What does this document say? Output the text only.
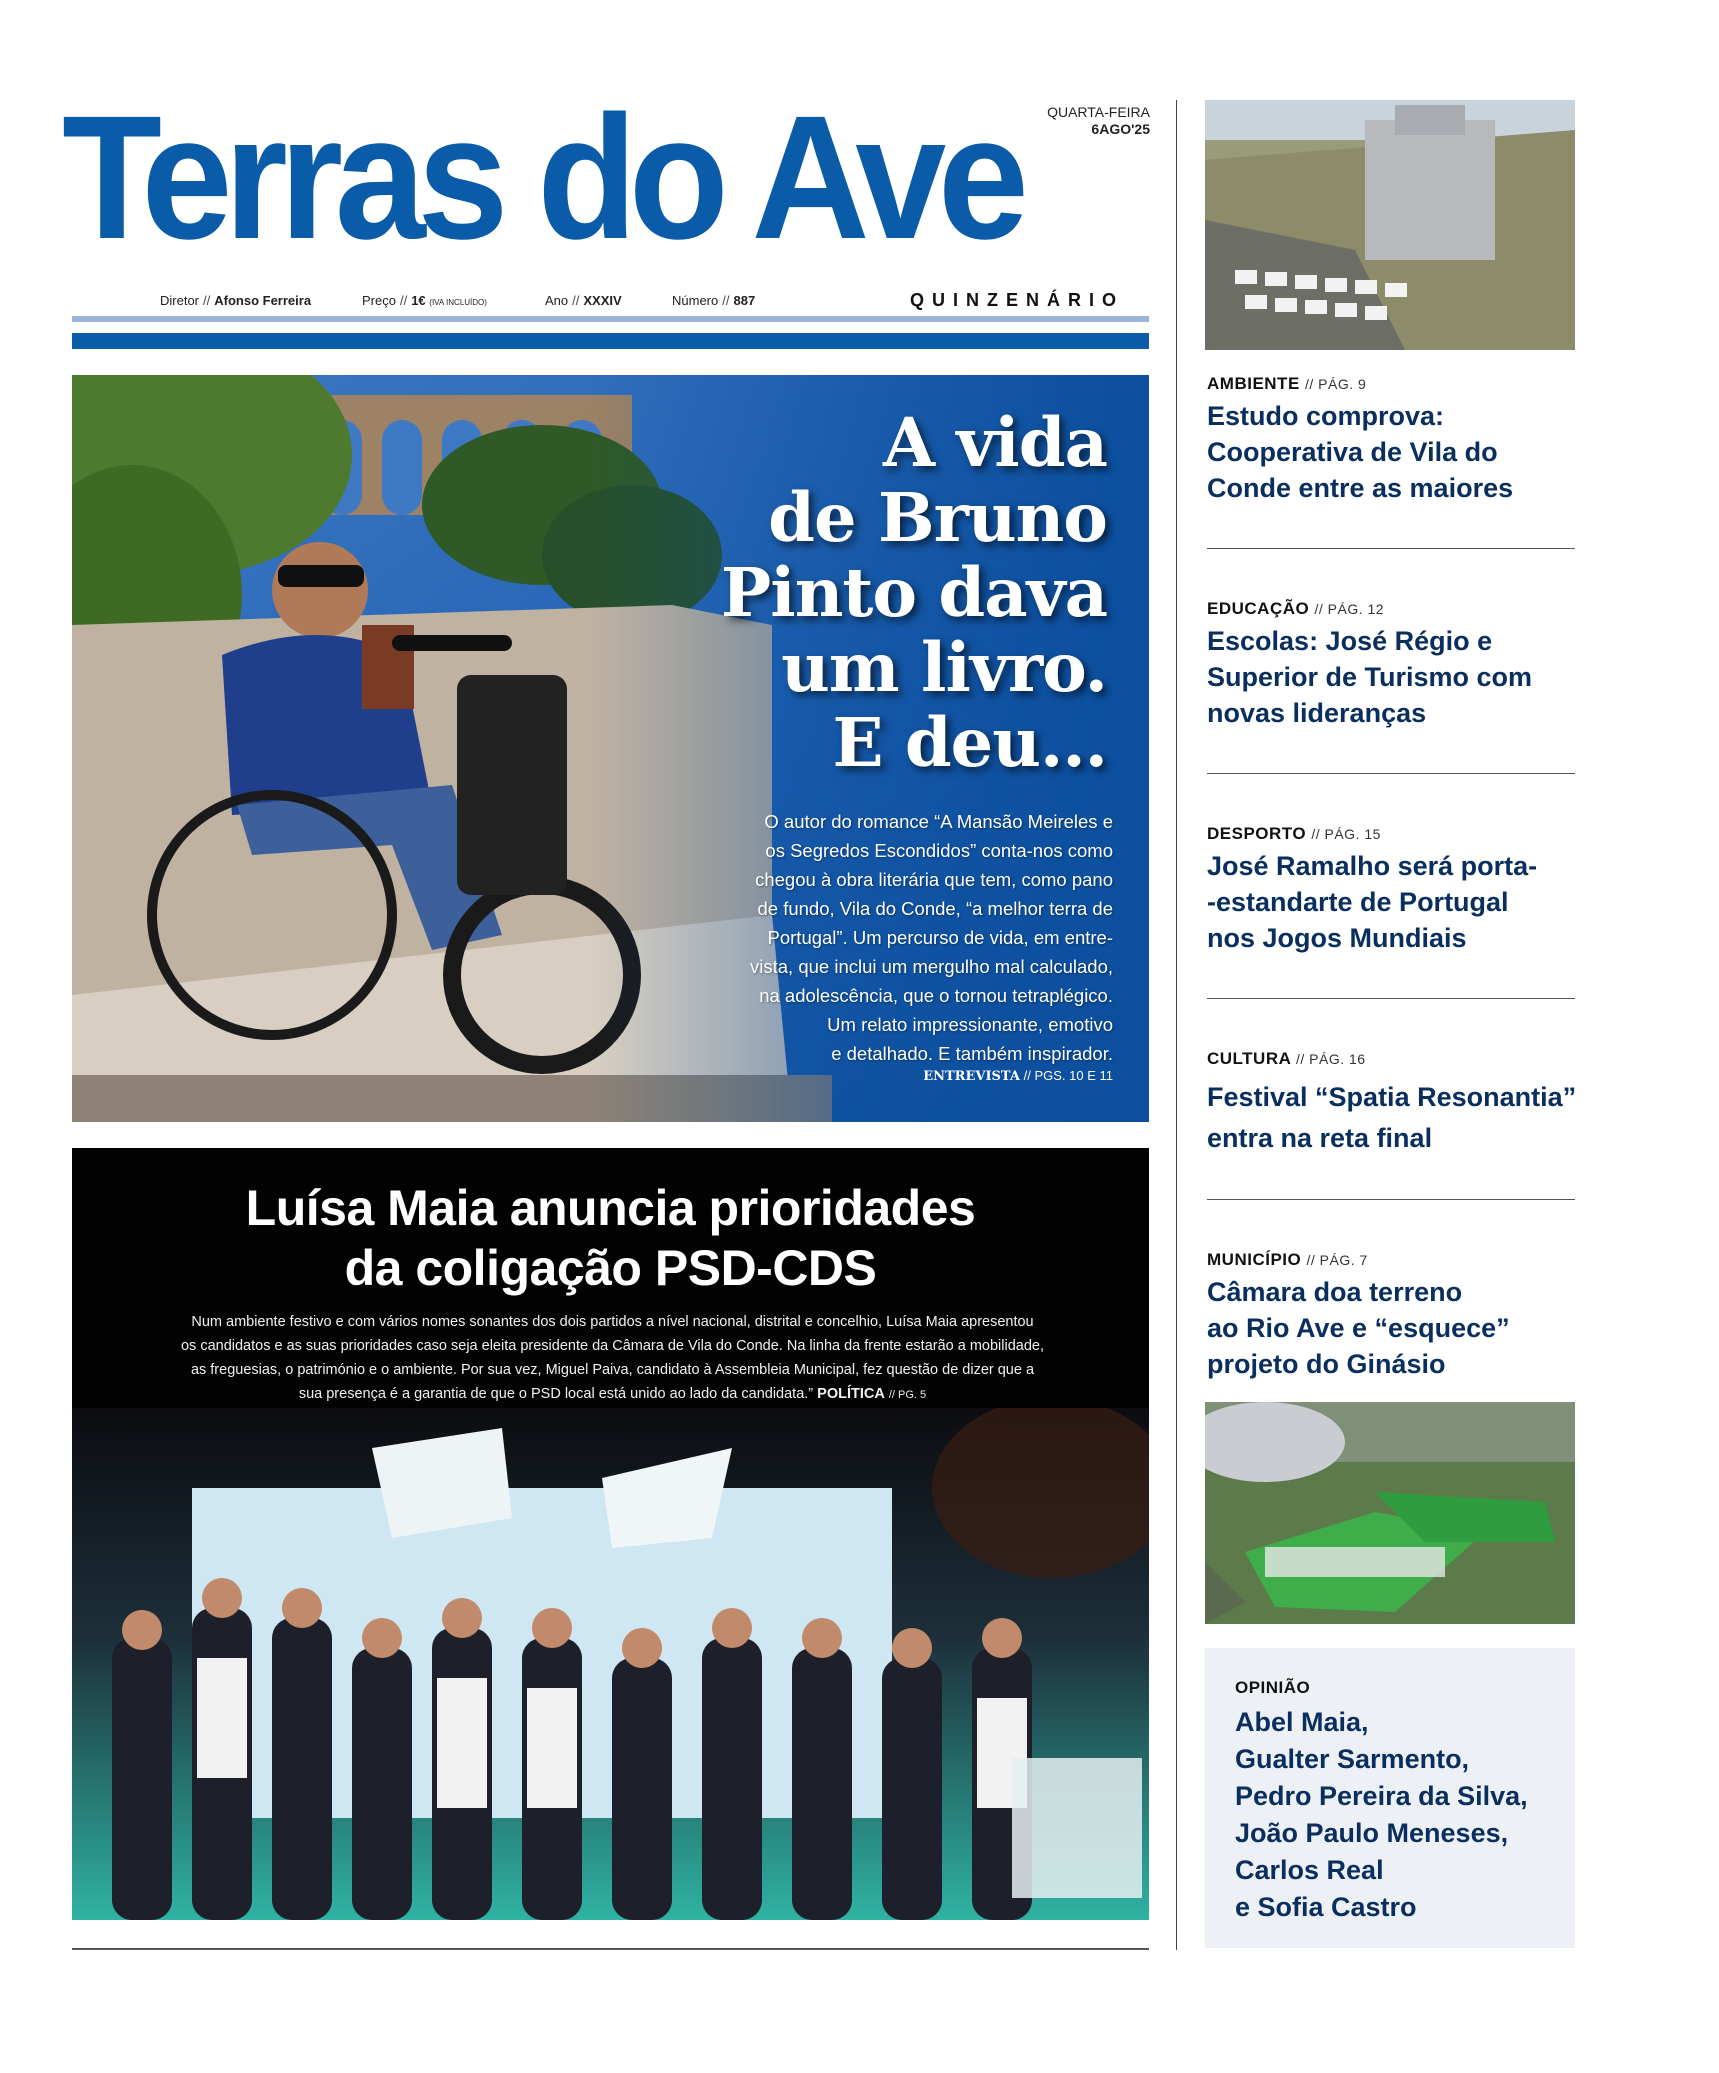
QUARTA-FEIRA
6AGO'25
Terras do Ave
Diretor // Afonso Ferreira	Preço // 1€ (IVA INCLUÍDO)	Ano // XXXIV	Número // 887	QUINZENÁRIO
A vida
de Bruno
Pinto dava
um livro.
E deu...
O autor do romance “A Mansão Meireles e
os Segredos Escondidos” conta-nos como
chegou à obra literária que tem, como pano
de fundo, Vila do Conde, “a melhor terra de
Portugal”. Um percurso de vida, em entre-
vista, que inclui um mergulho mal calculado,
na adolescência, que o tornou tetraplégico.
Um relato impressionante, emotivo
e detalhado. E também inspirador.
ENTREVISTA // PGS. 10 E 11
Luísa Maia anuncia prioridades
da coligação PSD-CDS
Num ambiente festivo e com vários nomes sonantes dos dois partidos a nível nacional, distrital e concelhio, Luísa Maia apresentou
os candidatos e as suas prioridades caso seja eleita presidente da Câmara de Vila do Conde. Na linha da frente estarão a mobilidade,
as freguesias, o património e o ambiente. Por sua vez, Miguel Paiva, candidato à Assembleia Municipal, fez questão de dizer que a
sua presença é a garantia de que o PSD local está unido ao lado da candidata.” POLÍTICA // PG. 5
AMBIENTE // PÁG. 9
Estudo comprova:
Cooperativa de Vila do
Conde entre as maiores
EDUCAÇÃO // PÁG. 12
Escolas: José Régio e
Superior de Turismo com
novas lideranças
DESPORTO // PÁG. 15
José Ramalho será porta-
-estandarte de Portugal
nos Jogos Mundiais
CULTURA // PÁG. 16
Festival “Spatia Resonantia”
entra na reta final
MUNICÍPIO // PÁG. 7
Câmara doa terreno
ao Rio Ave e “esquece”
projeto do Ginásio
OPINIÃO
Abel Maia,
Gualter Sarmento,
Pedro Pereira da Silva,
João Paulo Meneses,
Carlos Real
e Sofia Castro
